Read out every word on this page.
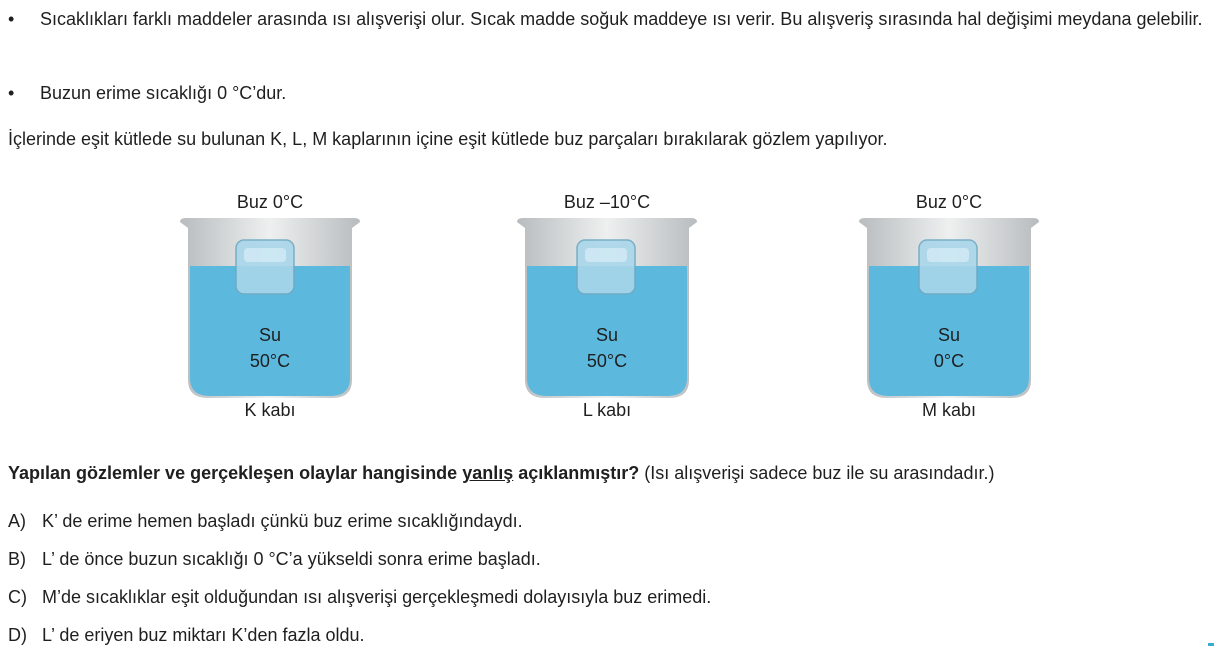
•	Sıcaklıkları farklı maddeler arasında ısı alışverişi olur. Sıcak madde soğuk maddeye ısı verir. Bu alışveriş sırasında hal değişimi meydana gelebilir.
•	Buzun erime sıcaklığı 0 °C’dur.
İçlerinde eşit kütlede su bulunan K, L, M kaplarının içine eşit kütlede buz parçaları bırakılarak gözlem yapılıyor.
Buz 0°C
Su
50°C
K kabı
Buz –10°C
Su
50°C
L kabı
Buz 0°C
Su
0°C
M kabı
Yapılan gözlemler ve gerçekleşen olaylar hangisinde yanlış açıklanmıştır? (Isı alışverişi sadece buz ile su arasındadır.)
A) K’ de erime hemen başladı çünkü buz erime sıcaklığındaydı.
B) L’ de önce buzun sıcaklığı 0 °C’a yükseldi sonra erime başladı.
C) M’de sıcaklıklar eşit olduğundan ısı alışverişi gerçekleşmedi dolayısıyla buz erimedi.
D) L’ de eriyen buz miktarı K’den fazla oldu.
